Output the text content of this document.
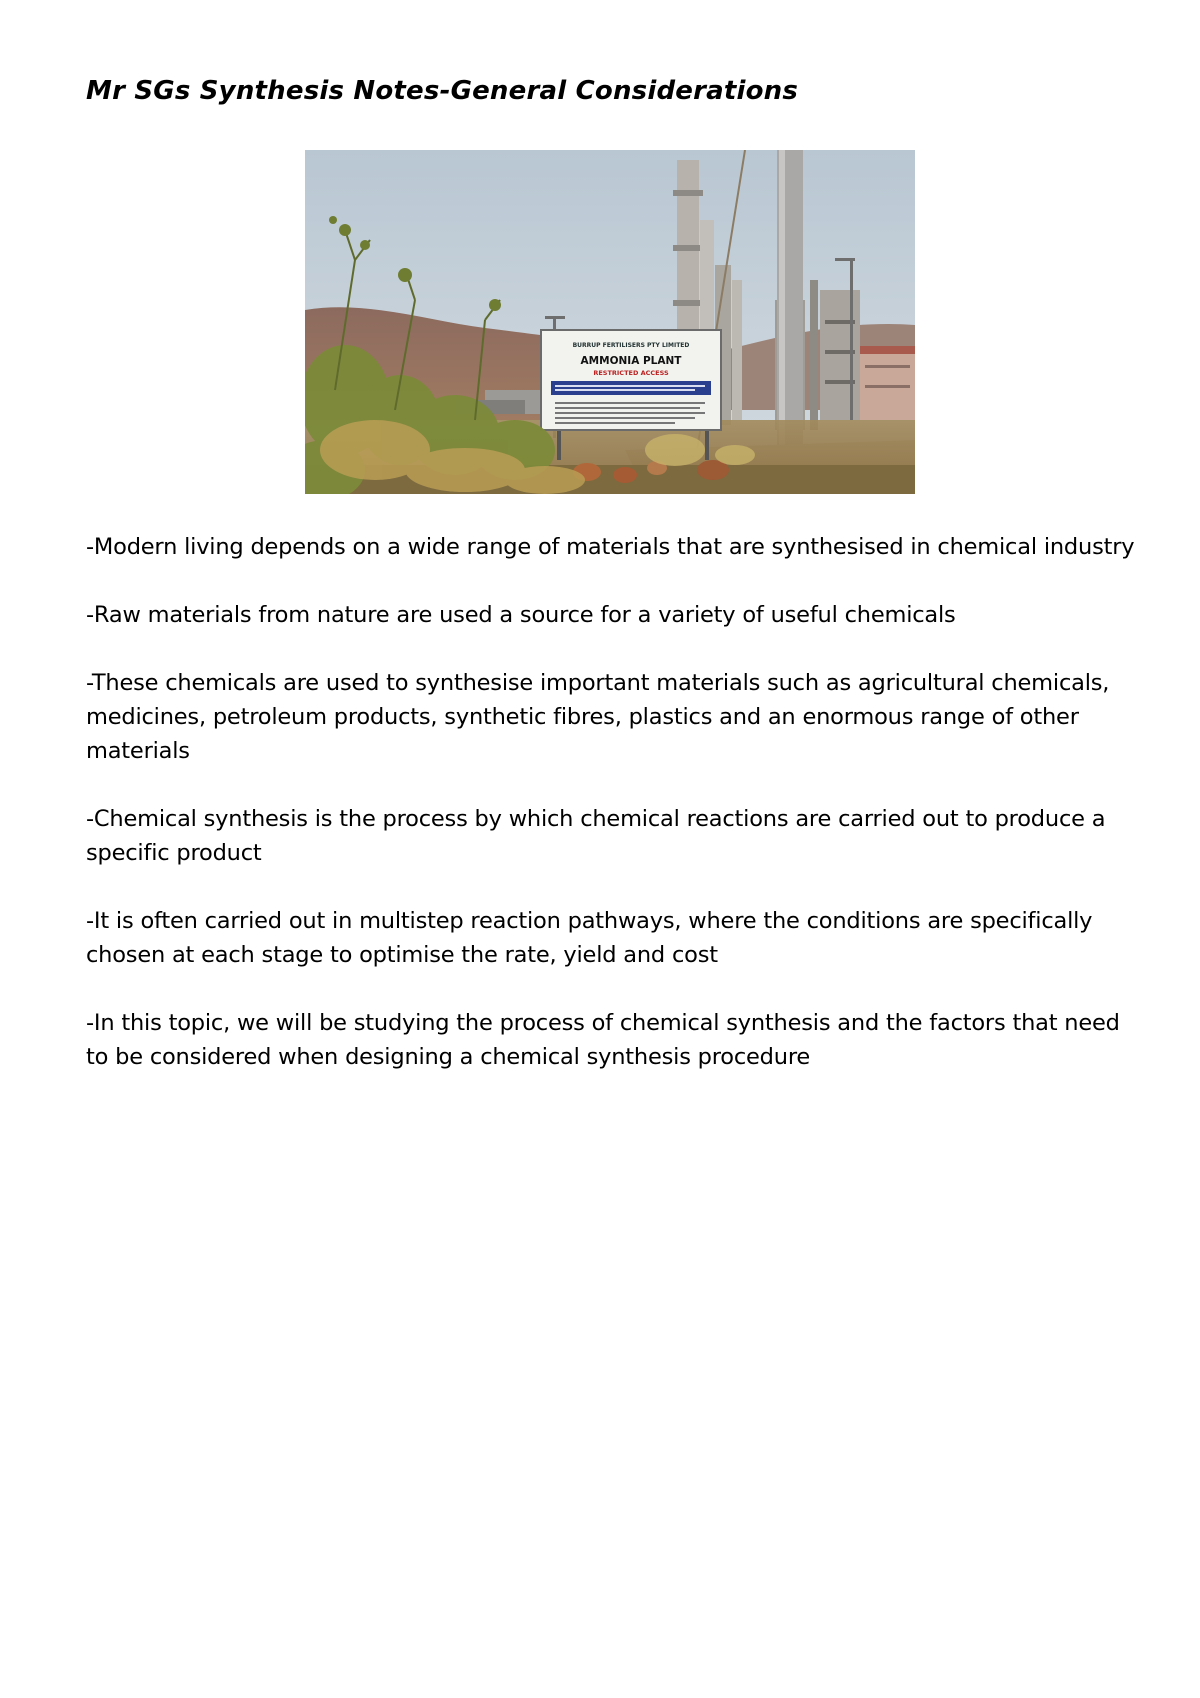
Mr SGs Synthesis Notes-General Considerations
BURRUP FERTILISERS PTY LIMITED
AMMONIA PLANT
RESTRICTED ACCESS

-Modern living depends on a wide range of materials that are synthesised in chemical industry

-Raw materials from nature are used a source for a variety of useful chemicals

-These chemicals are used to synthesise important materials such as agricultural chemicals, medicines, petroleum products, synthetic fibres, plastics and an enormous range of other materials

-Chemical synthesis is the process by which chemical reactions are carried out to produce a specific product

-It is often carried out in multistep reaction pathways, where the conditions are specifically chosen at each stage to optimise the rate, yield and cost

-In this topic, we will be studying the process of chemical synthesis and the factors that need to be considered when designing a chemical synthesis procedure
